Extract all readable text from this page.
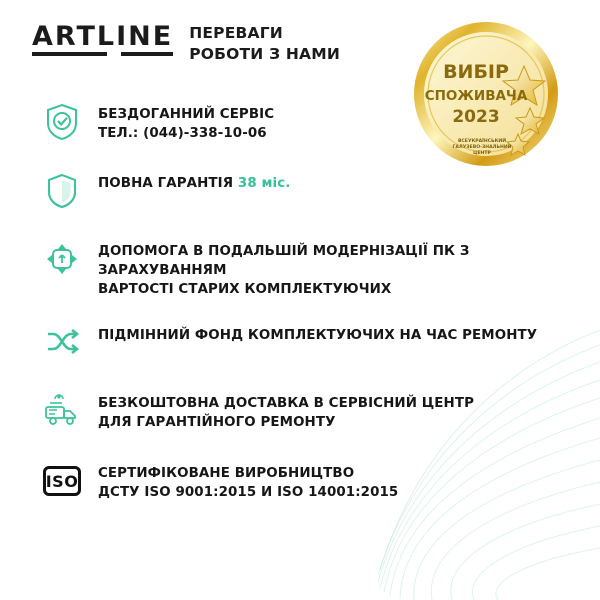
ARTLINE ПЕРЕВАГИ
РОБОТИ З НАМИ
ВИБІР
СПОЖИВАЧА
2023
ВСЕУКРАЇНСЬКИЙ
ГАЛУЗЕВО-ЗНАЛЬНИЙ
ЦЕНТР
БЕЗДОГАННИЙ СЕРВІС
ТЕЛ.: (044)-338-10-06
ПОВНА ГАРАНТІЯ 38 міс.
ДОПОМОГА В ПОДАЛЬШІЙ МОДЕРНІЗАЦІЇ ПК З ЗАРАХУВАННЯМ
ВАРТОСТІ СТАРИХ КОМПЛЕКТУЮЧИХ
ПІДМІННИЙ ФОНД КОМПЛЕКТУЮЧИХ НА ЧАС РЕМОНТУ
БЕЗКОШТОВНА ДОСТАВКА В СЕРВІСНИЙ ЦЕНТР
ДЛЯ ГАРАНТІЙНОГО РЕМОНТУ
ISO СЕРТИФІКОВАНЕ ВИРОБНИЦТВО
ДСТУ ISO 9001:2015 И ISO 14001:2015
